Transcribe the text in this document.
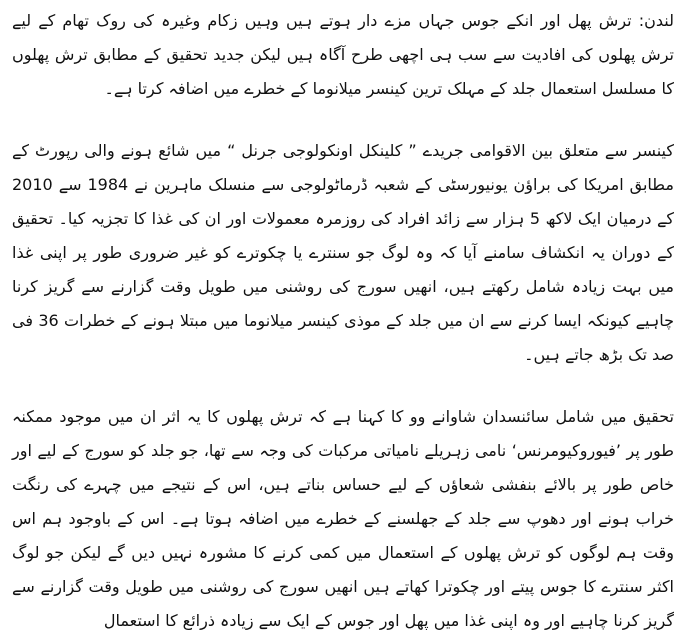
لندن: ترش پھل اور انکے جوس جہاں مزے دار ہوتے ہیں وہیں زکام وغیرہ کی روک تھام کے لیے ترش پھلوں کی افادیت سے سب ہی اچھی طرح آگاہ ہیں لیکن جدید تحقیق کے مطابق ترش پھلوں کا مسلسل استعمال جلد کے مہلک ترین کینسر میلانوما کے خطرے میں اضافہ کرتا ہے۔

کینسر سے متعلق بین الاقوامی جریدے ” کلینکل اونکولوجی جرنل “ میں شائع ہونے والی رپورٹ کے مطابق امریکا کی براؤن یونیورسٹی کے شعبہ ڈرماٹولوجی سے منسلک ماہرین نے 1984 سے 2010 کے درمیان ایک لاکھ 5 ہزار سے زائد افراد کی روزمرہ معمولات اور ان کی غذا کا تجزیہ کیا۔ تحقیق کے دوران یہ انکشاف سامنے آیا کہ وہ لوگ جو سنترے یا چکوترے کو غیر ضروری طور پر اپنی غذا میں بہت زیادہ شامل رکھتے ہیں، انھیں سورج کی روشنی میں طویل وقت گزارنے سے گریز کرنا چاہیے کیونکہ ایسا کرنے سے ان میں جلد کے موذی کینسر میلانوما میں مبتلا ہونے کے خطرات 36 فی صد تک بڑھ جاتے ہیں۔

تحقیق میں شامل سائنسدان شاوانے وو کا کہنا ہے کہ ترش پھلوں کا یہ اثر ان میں موجود ممکنہ طور پر ’فیوروکیومرنس‘ نامی زہریلے نامیاتی مرکبات کی وجہ سے تھا، جو جلد کو سورج کے لیے اور خاص طور پر بالائے بنفشی شعاؤں کے لیے حساس بناتے ہیں، اس کے نتیجے میں چہرے کی رنگت خراب ہونے اور دھوپ سے جلد کے جھلسنے کے خطرے میں اضافہ ہوتا ہے۔ اس کے باوجود ہم اس وقت ہم لوگوں کو ترش پھلوں کے استعمال میں کمی کرنے کا مشورہ نہیں دیں گے لیکن جو لوگ اکثر سنترے کا جوس پیتے اور چکوترا کھاتے ہیں انھیں سورج کی روشنی میں طویل وقت گزارنے سے گریز کرنا چاہیے اور وہ اپنی غذا میں پھل اور جوس کے ایک سے زیادہ ذرائع کا استعمال
